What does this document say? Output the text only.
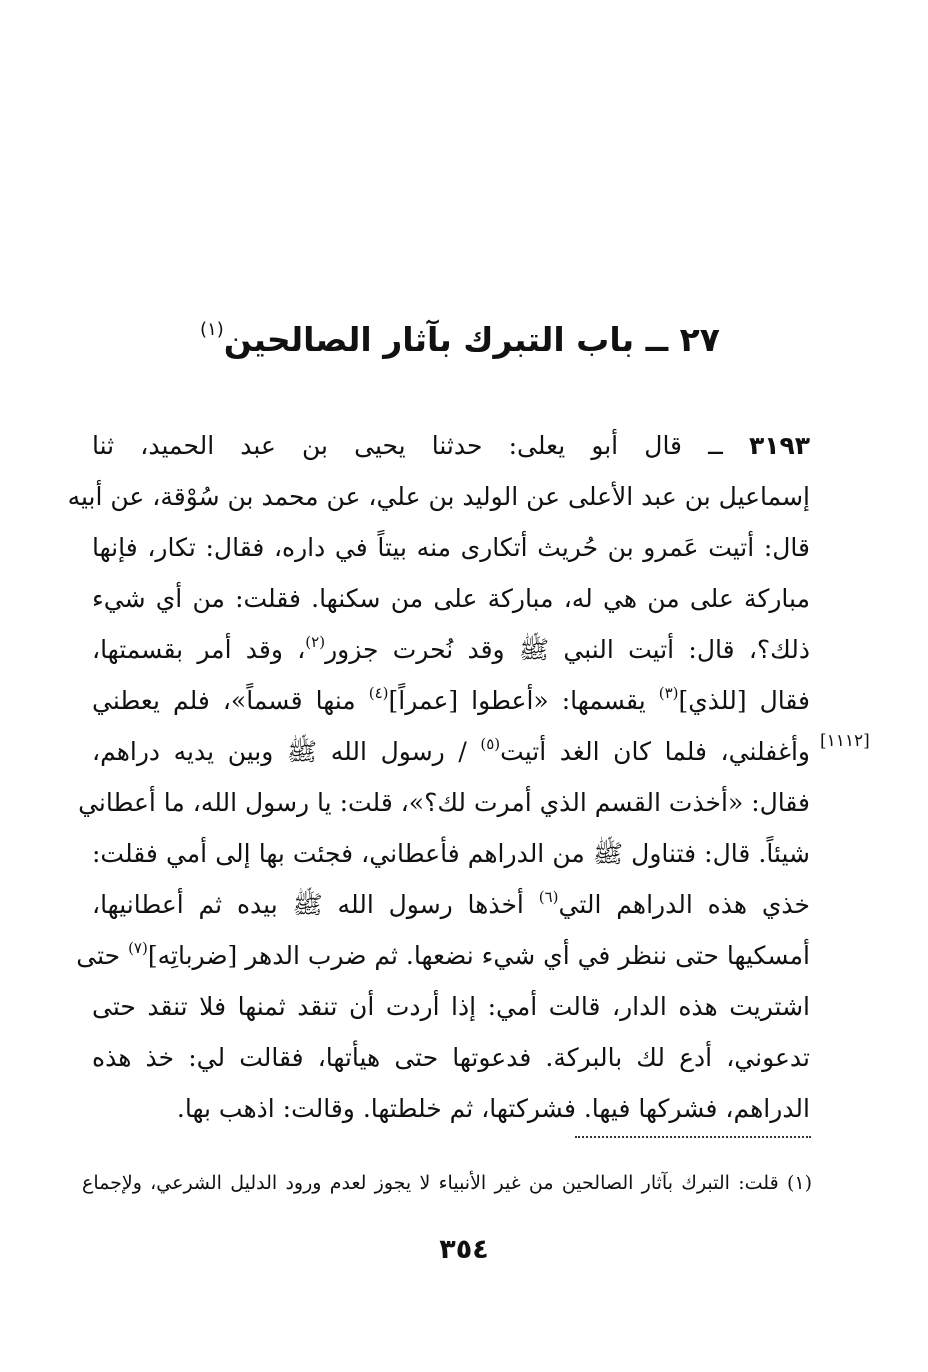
٢٧ ــ باب التبرك بآثار الصالحين$^{(١)}$
٣١٩٣ ــ قال أبو يعلى: حدثنا يحيى بن عبد الحميد، ثنا
إسماعيل بن عبد الأعلى عن الوليد بن علي، عن محمد بن سُوْقة، عن أبيه
قال: أتيت عَمرو بن حُريث أتكارى منه بيتاً في داره، فقال: تكار، فإنها
مباركة على من هي له، مباركة على من سكنها. فقلت: من أي شيء
ذلك؟، قال: أتيت النبي ﷺ وقد نُحرت جزور$^{(٢)}$، وقد أمر بقسمتها،
فقال [للذي]$^{(٣)}$ يقسمها: «أعطوا [عمراً]$^{(٤)}$ منها قسماً»، فلم يعطني
وأغفلني، فلما كان الغد أتيت$^{(٥)}$ / رسول الله ﷺ وبين يديه دراهم،
فقال: «أخذت القسم الذي أمرت لك؟»، قلت: يا رسول الله، ما أعطاني
شيئاً. قال: فتناول ﷺ من الدراهم فأعطاني، فجئت بها إلى أمي فقلت:
خذي هذه الدراهم التي$^{(٦)}$ أخذها رسول الله ﷺ بيده ثم أعطانيها،
أمسكيها حتى ننظر في أي شيء نضعها. ثم ضرب الدهر [ضرباتِه]$^{(٧)}$ حتى
اشتريت هذه الدار، قالت أمي: إذا أردت أن تنقد ثمنها فلا تنقد حتى
تدعوني، أدع لك بالبركة. فدعوتها حتى هيأتها، فقالت لي: خذ هذه
الدراهم، فشركها فيها. فشركتها، ثم خلطتها. وقالت: اذهب بها.
[١١١٢]
(١) قلت: التبرك بآثار الصالحين من غير الأنبياء لا يجوز لعدم ورود الدليل الشرعي، ولإجماع
٣٥٤
